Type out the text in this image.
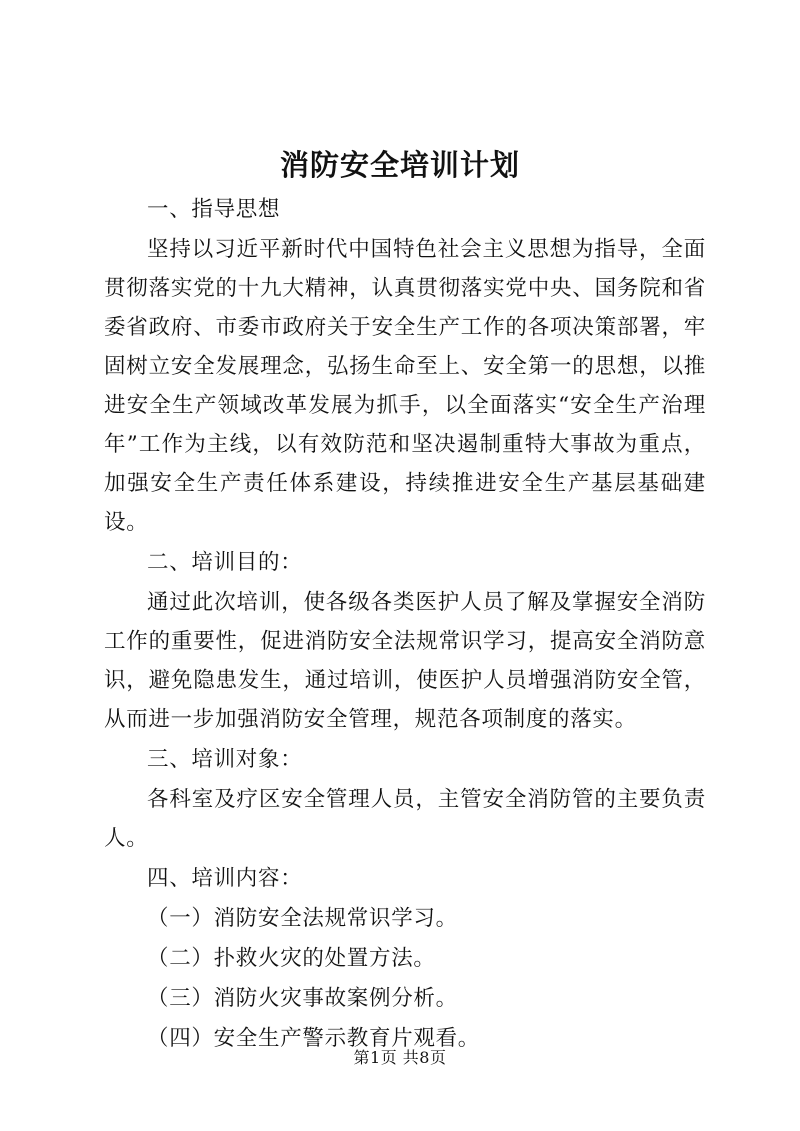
消防安全培训计划

一、指导思想

坚持以习近平新时代中国特色社会主义思想为指导，全面贯彻落实党的十九大精神，认真贯彻落实党中央、国务院和省委省政府、市委市政府关于安全生产工作的各项决策部署，牢固树立安全发展理念，弘扬生命至上、安全第一的思想，以推进安全生产领域改革发展为抓手，以全面落实“安全生产治理年”工作为主线，以有效防范和坚决遏制重特大事故为重点，加强安全生产责任体系建设，持续推进安全生产基层基础建设。

二、培训目的：

通过此次培训，使各级各类医护人员了解及掌握安全消防工作的重要性，促进消防安全法规常识学习，提高安全消防意识，避免隐患发生，通过培训，使医护人员增强消防安全管，从而进一步加强消防安全管理，规范各项制度的落实。

三、培训对象：

各科室及疗区安全管理人员，主管安全消防管的主要负责人。

四、培训内容：

（一）消防安全法规常识学习。

（二）扑救火灾的处置方法。

（三）消防火灾事故案例分析。

（四）安全生产警示教育片观看。

第1页 共8页
